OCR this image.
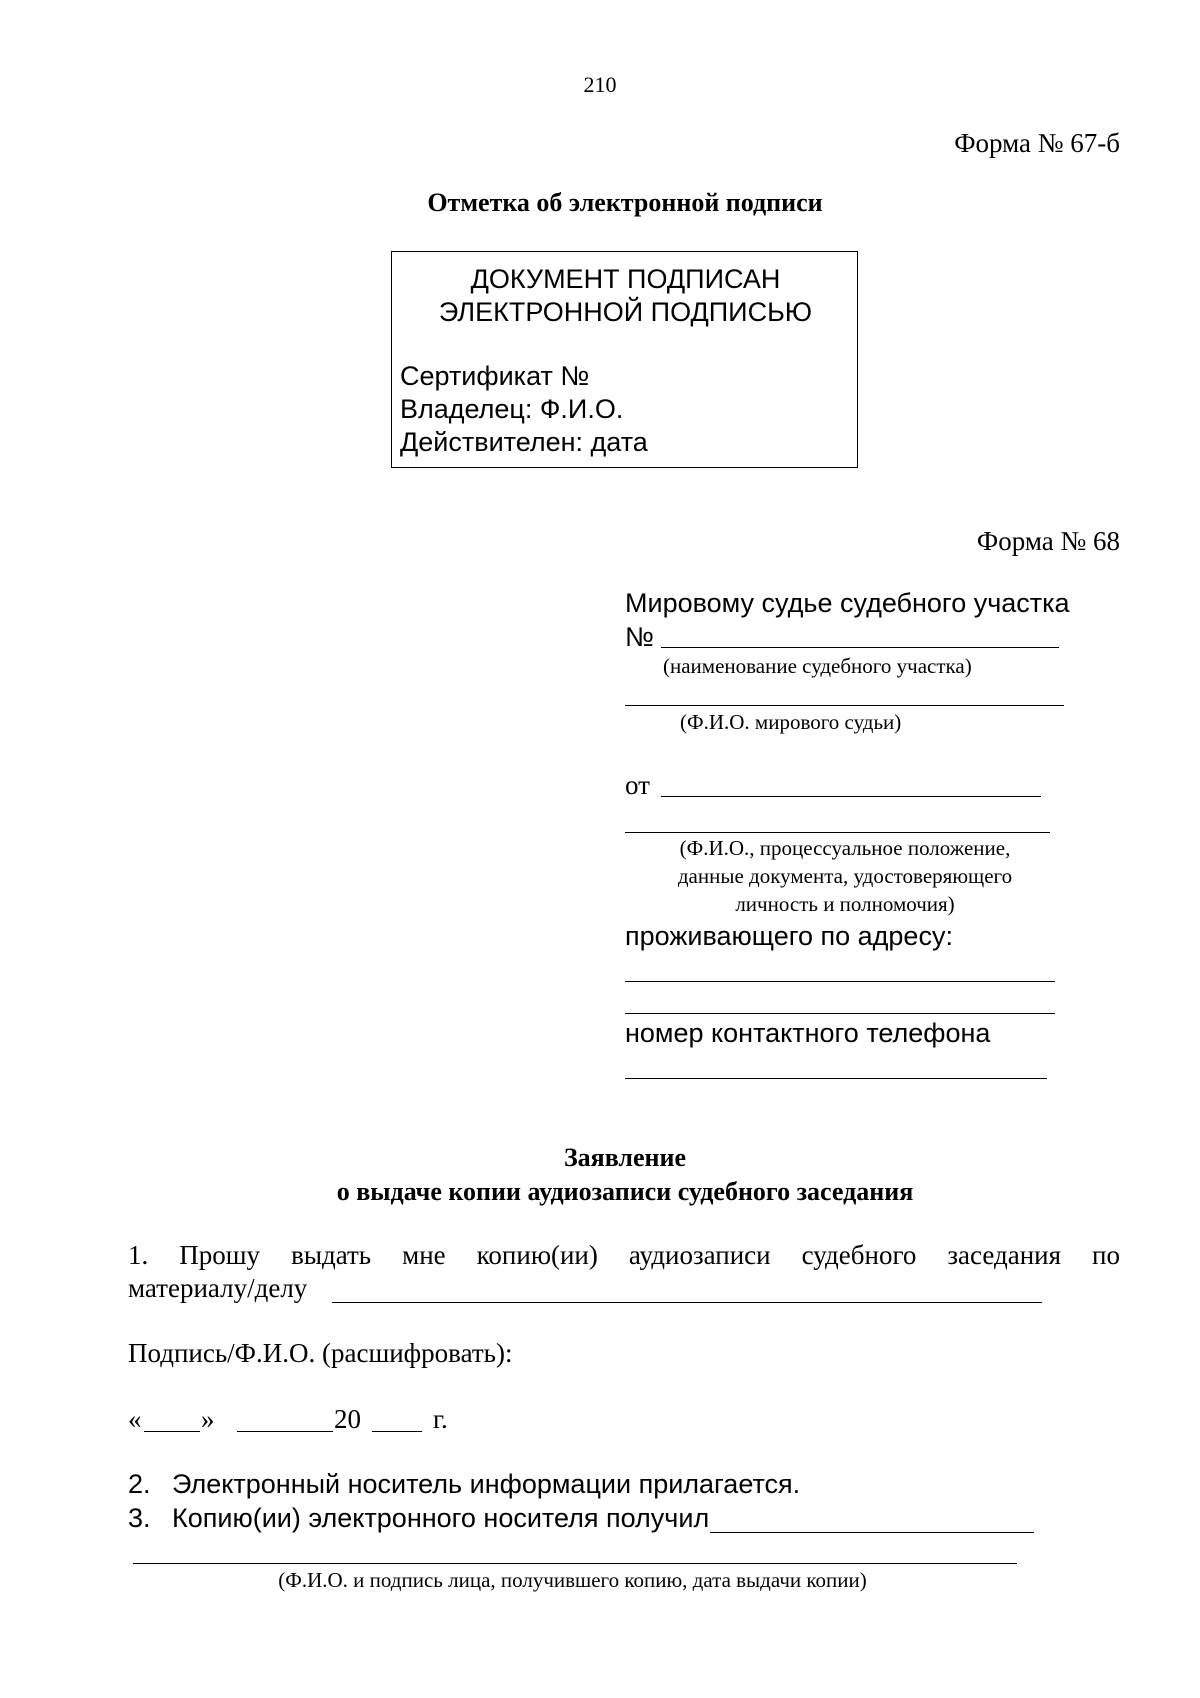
210
Форма № 67-б
Отметка об электронной подписи
ДОКУМЕНТ ПОДПИСАН
ЭЛЕКТРОННОЙ ПОДПИСЬЮ
Сертификат №
Владелец: Ф.И.О.
Действителен: дата
Форма № 68
Мировому судье судебного участка
№
(наименование судебного участка)
(Ф.И.О. мирового судьи)
от
(Ф.И.О., процессуальное положение,
данные документа, удостоверяющего
личность и полномочия)
проживающего по адресу:
номер контактного телефона
Заявление
о выдаче копии аудиозаписи судебного заседания
1. Прошу выдать мне копию(ии) аудиозаписи судебного заседания по
материалу/делу
Подпись/Ф.И.О. (расшифровать):
« »	20	г.
2. Электронный носитель информации прилагается.
3. Копию(ии) электронного носителя получил
(Ф.И.О. и подпись лица, получившего копию, дата выдачи копии)
